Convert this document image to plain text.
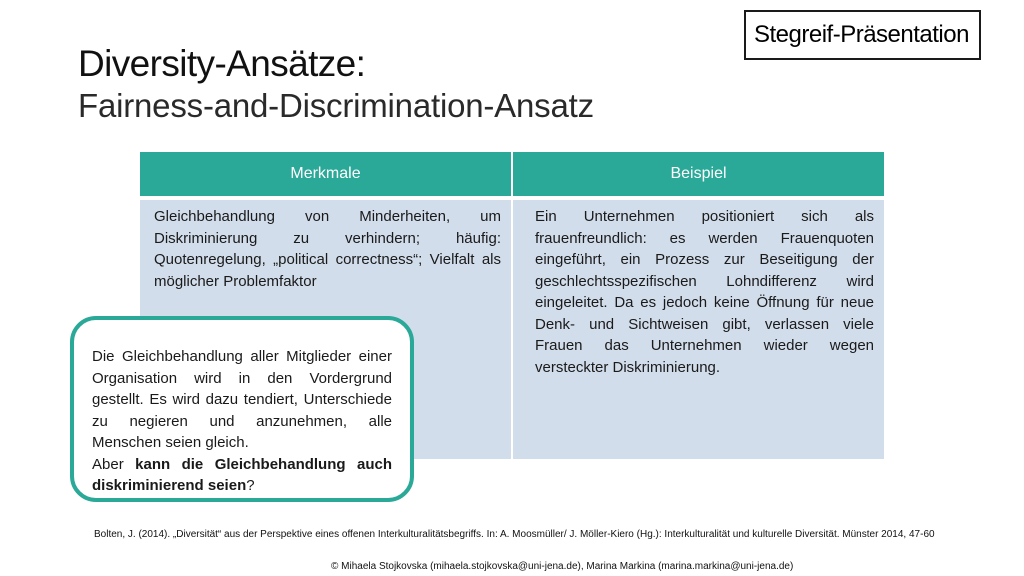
Stegreif-Präsentation
Diversity-Ansätze:
Fairness-and-Discrimination-Ansatz
Merkmale	Beispiel
Gleichbehandlung von Minderheiten, um Diskriminierung zu verhindern; häufig: Quotenregelung, „political correctness“; Vielfalt als möglicher Problemfaktor	Ein Unternehmen positioniert sich als frauenfreundlich: es werden Frauenquoten eingeführt, ein Prozess zur Beseitigung der geschlechtsspezifischen Lohndifferenz wird eingeleitet. Da es jedoch keine Öffnung für neue Denk- und Sichtweisen gibt, verlassen viele Frauen das Unternehmen wieder wegen versteckter Diskriminierung.

Die Gleichbehandlung aller Mitglieder einer Organisation wird in den Vordergrund gestellt. Es wird dazu tendiert, Unterschiede zu negieren und anzunehmen, alle Menschen seien gleich.

Aber kann die Gleichbehandlung auch diskriminierend seien?

Bolten, J. (2014). „Diversität“ aus der Perspektive eines offenen Interkulturalitätsbegriffs. In: A. Moosmüller/ J. Möller-Kiero (Hg.): Interkulturalität und kulturelle Diversität. Münster 2014, 47-60
© Mihaela Stojkovska (mihaela.stojkovska@uni-jena.de), Marina Markina (marina.markina@uni-jena.de)
